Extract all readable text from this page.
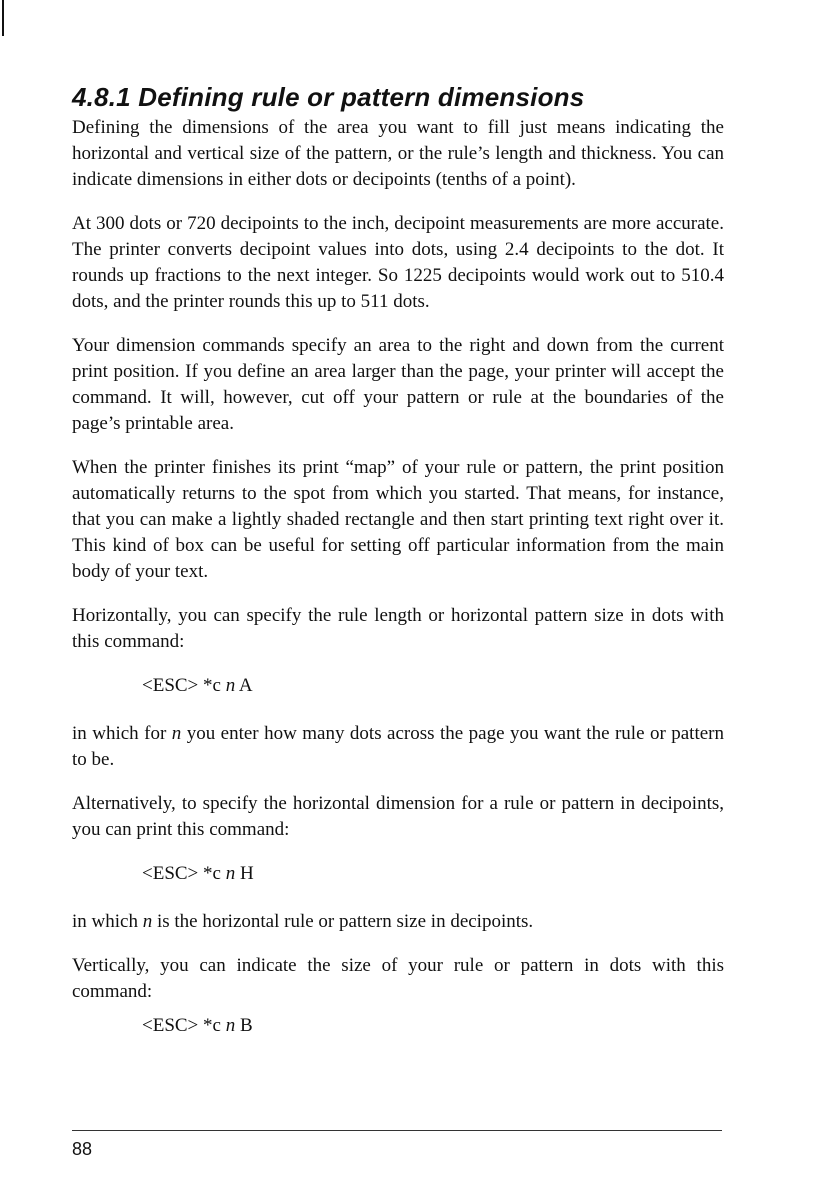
4.8.1 Defining rule or pattern dimensions

Defining the dimensions of the area you want to fill just means indicating the horizontal and vertical size of the pattern, or the rule’s length and thickness. You can indicate dimensions in either dots or decipoints (tenths of a point).

At 300 dots or 720 decipoints to the inch, decipoint measurements are more accurate. The printer converts decipoint values into dots, using 2.4 decipoints to the dot. It rounds up fractions to the next integer. So 1225 decipoints would work out to 510.4 dots, and the printer rounds this up to 511 dots.

Your dimension commands specify an area to the right and down from the current print position. If you define an area larger than the page, your printer will accept the command. It will, however, cut off your pattern or rule at the boundaries of the page’s printable area.

When the printer finishes its print “map” of your rule or pattern, the print position automatically returns to the spot from which you started. That means, for instance, that you can make a lightly shaded rectangle and then start printing text right over it. This kind of box can be useful for setting off particular information from the main body of your text.

Horizontally, you can specify the rule length or horizontal pattern size in dots with this command:

<ESC> *c n A

in which for n you enter how many dots across the page you want the rule or pattern to be.

Alternatively, to specify the horizontal dimension for a rule or pattern in decipoints, you can print this command:

<ESC> *c n H

in which n is the horizontal rule or pattern size in decipoints.

Vertically, you can indicate the size of your rule or pattern in dots with this command:

<ESC> *c n B
88
